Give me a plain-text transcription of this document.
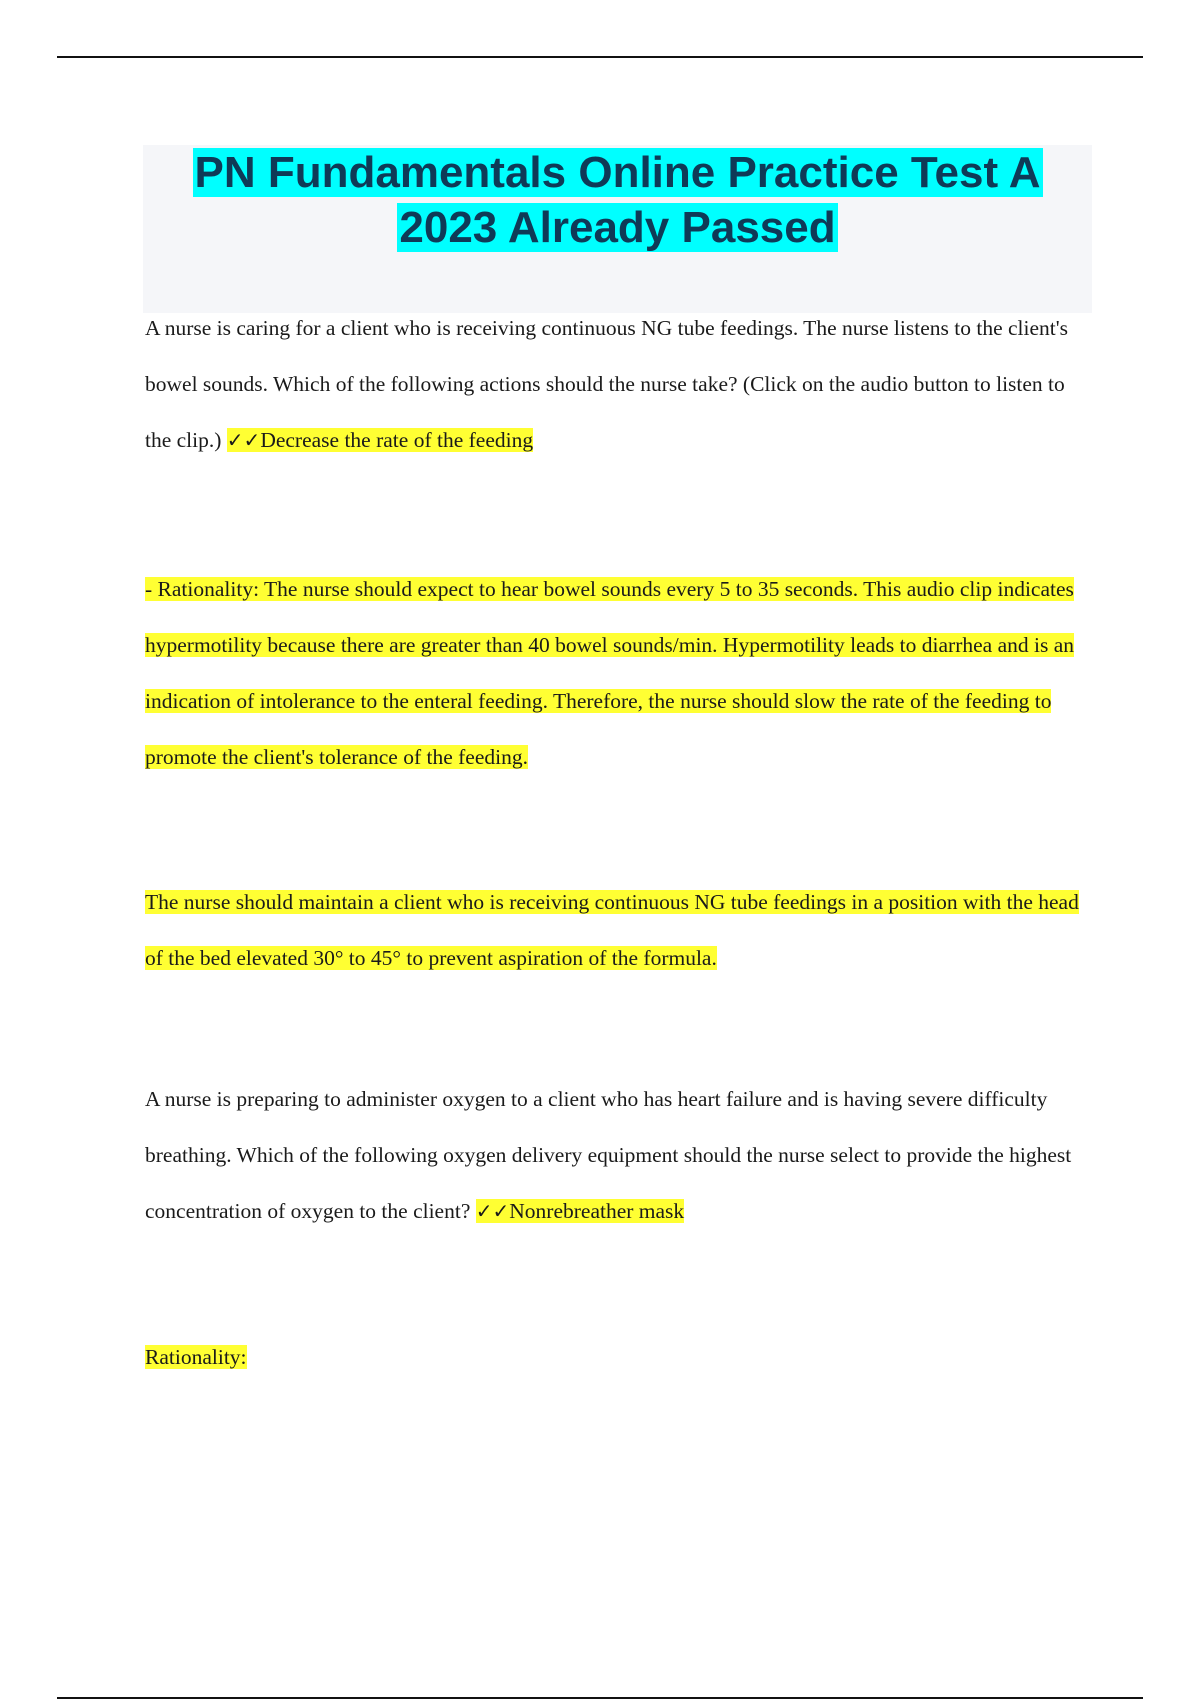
PN Fundamentals Online Practice Test A 2023 Already Passed

A nurse is caring for a client who is receiving continuous NG tube feedings. The nurse listens to the client's bowel sounds. Which of the following actions should the nurse take? (Click on the audio button to listen to the clip.) ✓✓Decrease the rate of the feeding

- Rationality: The nurse should expect to hear bowel sounds every 5 to 35 seconds. This audio clip indicates hypermotility because there are greater than 40 bowel sounds/min. Hypermotility leads to diarrhea and is an indication of intolerance to the enteral feeding. Therefore, the nurse should slow the rate of the feeding to promote the client's tolerance of the feeding.

The nurse should maintain a client who is receiving continuous NG tube feedings in a position with the head of the bed elevated 30° to 45° to prevent aspiration of the formula.

A nurse is preparing to administer oxygen to a client who has heart failure and is having severe difficulty breathing. Which of the following oxygen delivery equipment should the nurse select to provide the highest concentration of oxygen to the client? ✓✓Nonrebreather mask

Rationality:
